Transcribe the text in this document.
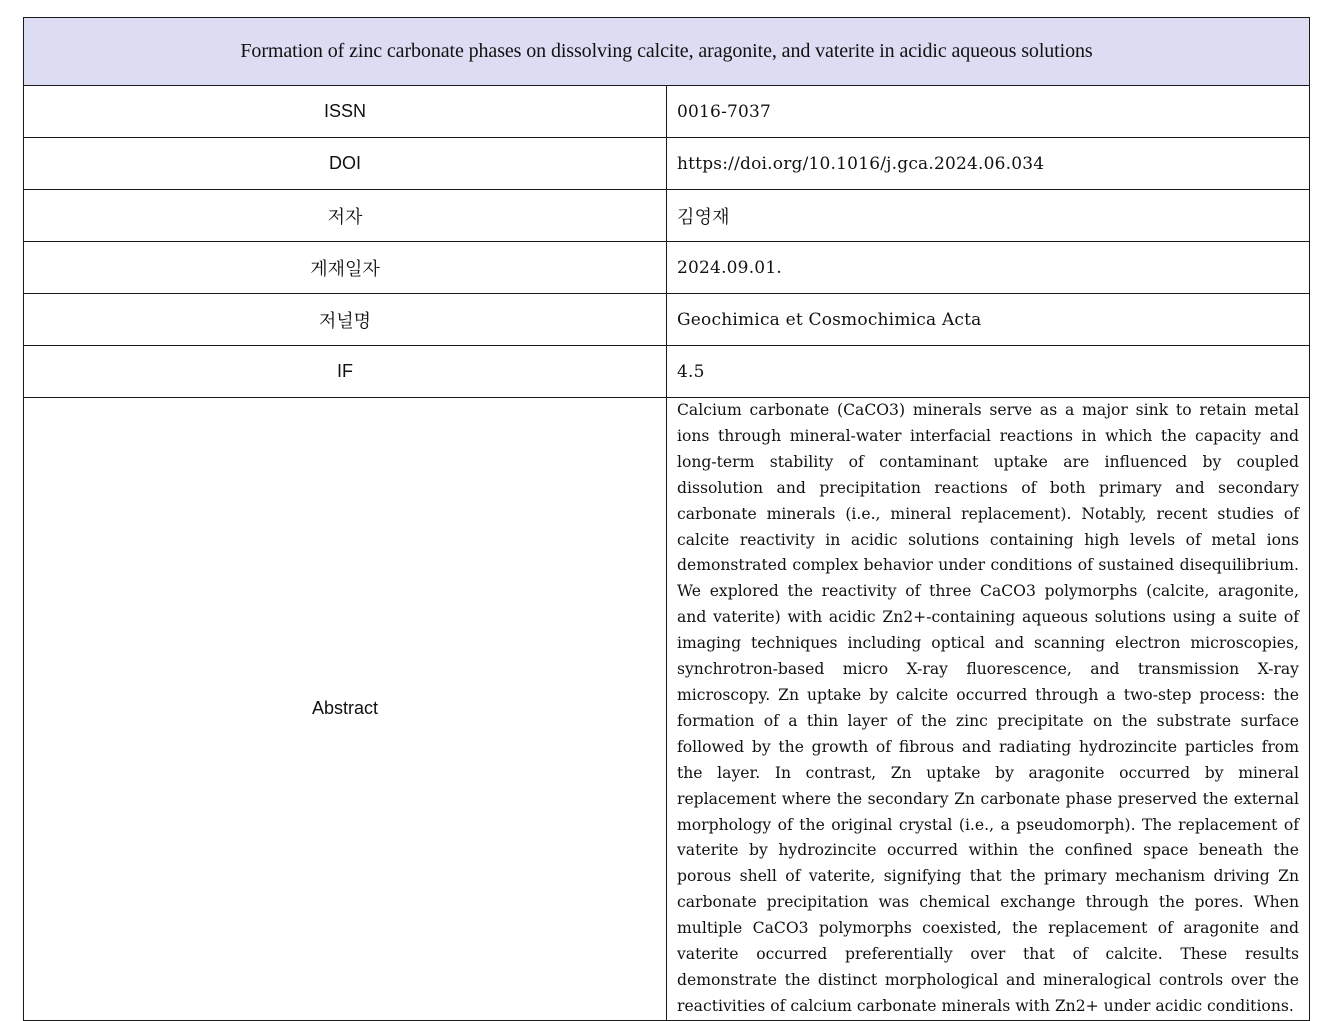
Formation of zinc carbonate phases on dissolving calcite, aragonite, and vaterite in acidic aqueous solutions	
ISSN	0016-7037
DOI	https://doi.org/10.1016/j.gca.2024.06.034
저자	김영재
게재일자	2024.09.01.
저널명	Geochimica et Cosmochimica Acta
IF	4.5
Abstract	Calcium carbonate (CaCO3) minerals serve as a major sink to retain metal ions through mineral-water interfacial reactions in which the capacity and long-term stability of contaminant uptake are influenced by coupled dissolution and precipitation reactions of both primary and secondary carbonate minerals (i.e., mineral replacement). Notably, recent studies of calcite reactivity in acidic solutions containing high levels of metal ions demonstrated complex behavior under conditions of sustained disequilibrium. We explored the reactivity of three CaCO3 polymorphs (calcite, aragonite, and vaterite) with acidic Zn2+-containing aqueous solutions using a suite of imaging techniques including optical and scanning electron microscopies, synchrotron-based micro X-ray fluorescence, and transmission X-ray microscopy. Zn uptake by calcite occurred through a two-step process: the formation of a thin layer of the zinc precipitate on the substrate surface followed by the growth of fibrous and radiating hydrozincite particles from the layer. In contrast, Zn uptake by aragonite occurred by mineral replacement where the secondary Zn carbonate phase preserved the external morphology of the original crystal (i.e., a pseudomorph). The replacement of vaterite by hydrozincite occurred within the confined space beneath the porous shell of vaterite, signifying that the primary mechanism driving Zn carbonate precipitation was chemical exchange through the pores. When multiple CaCO3 polymorphs coexisted, the replacement of aragonite and vaterite occurred preferentially over that of calcite. These results demonstrate the distinct morphological and mineralogical controls over the reactivities of calcium carbonate minerals with Zn2+ under acidic conditions.
